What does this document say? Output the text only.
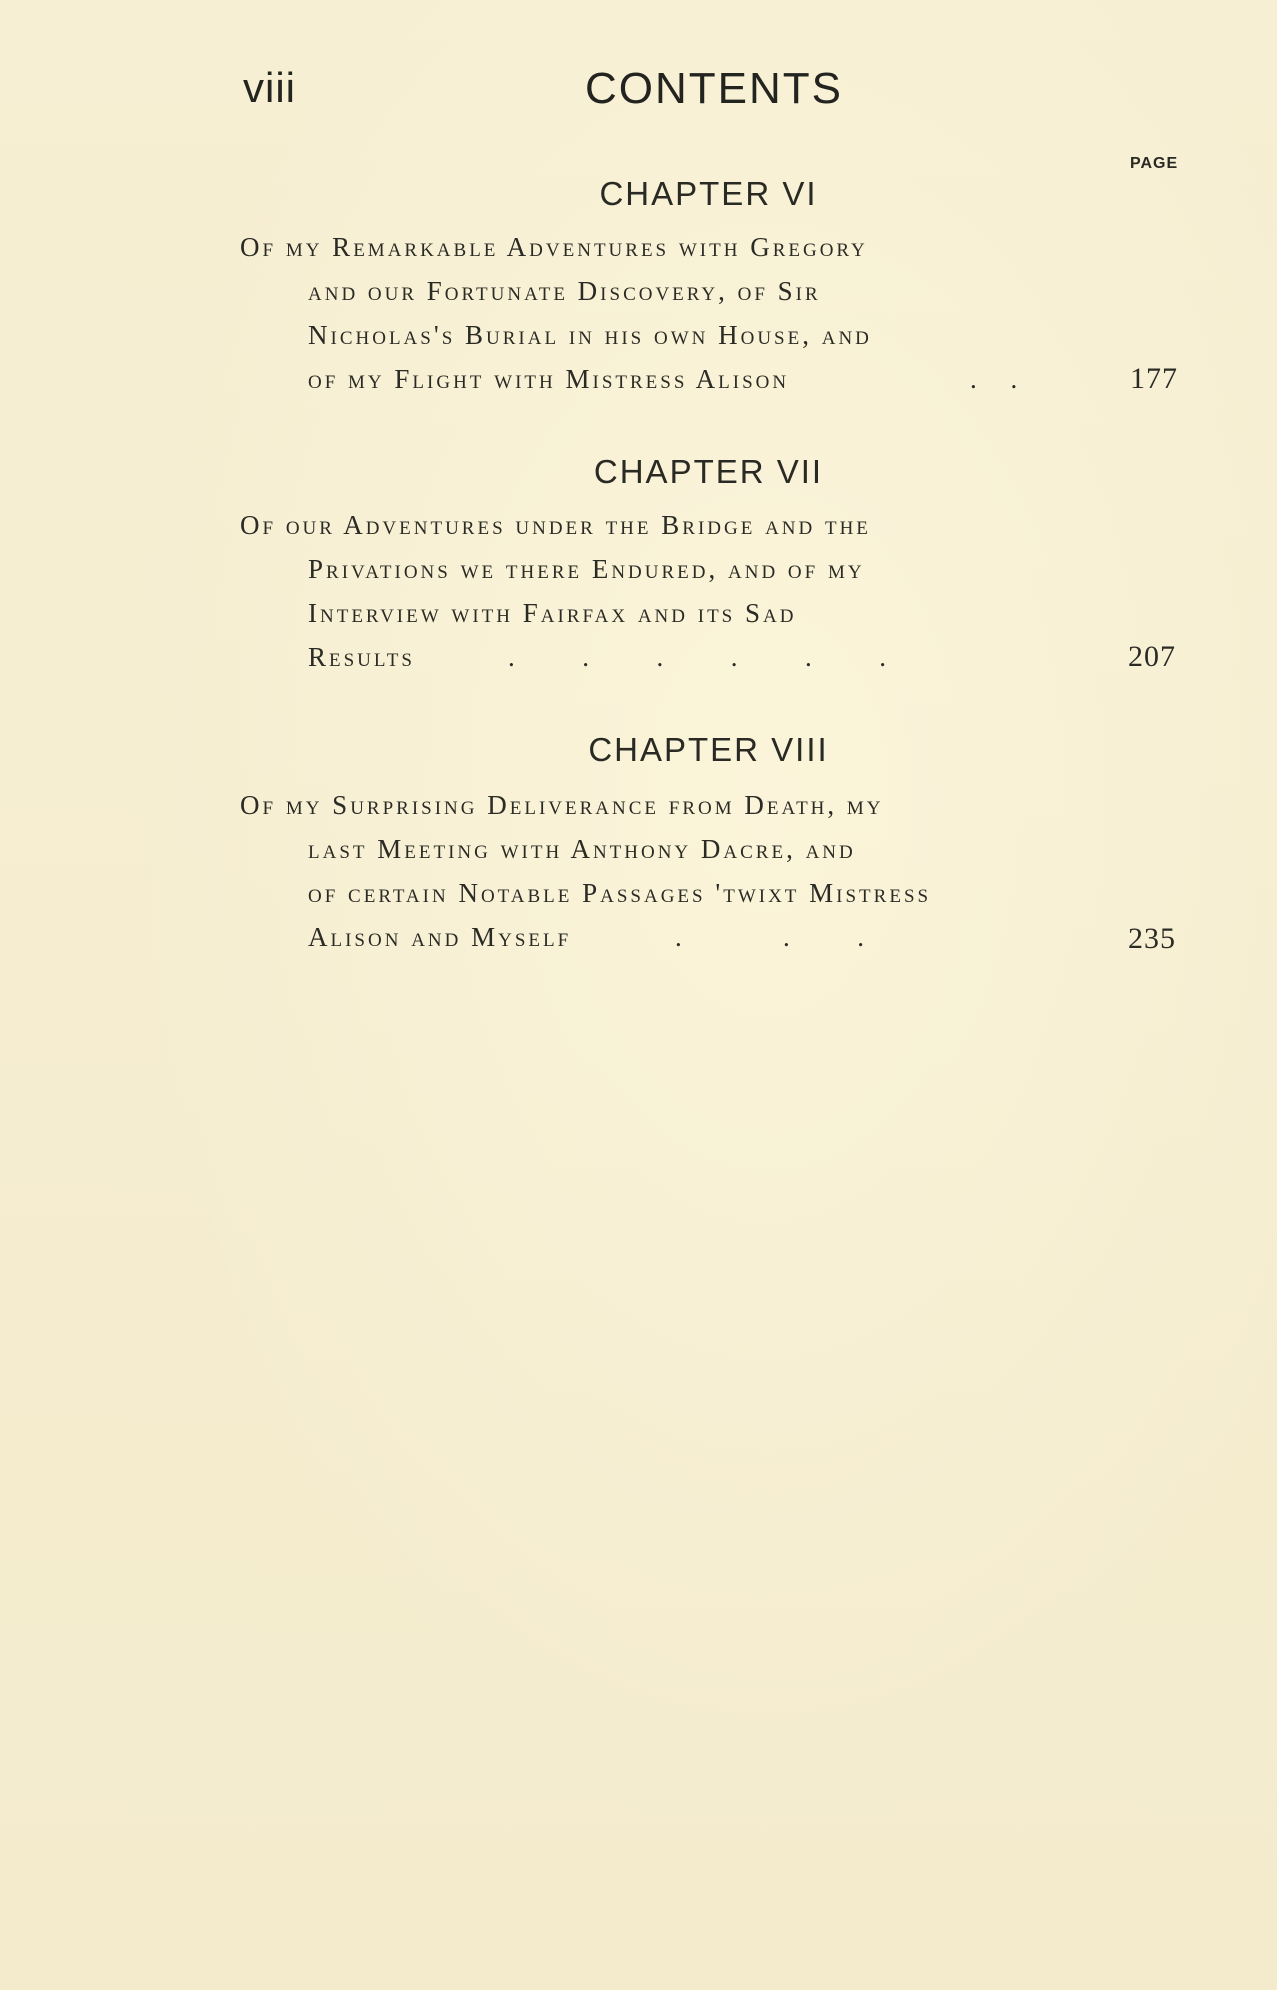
viii	CONTENTS
PAGE
CHAPTER VI
Of my Remarkable Adventures with Gregory
and our Fortunate Discovery, of Sir
Nicholas's Burial in his own House, and
of my Flight with Mistress Alison	.     .	177
CHAPTER VII
Of our Adventures under the Bridge and the
Privations we there Endured, and of my
Interview with Fairfax and its Sad
Results	.          .          .          .          .          .	207
CHAPTER VIII
Of my Surprising Deliverance from Death, my
last Meeting with Anthony Dacre, and
of certain Notable Passages 'twixt Mistress
Alison and Myself	.               .          .	235
